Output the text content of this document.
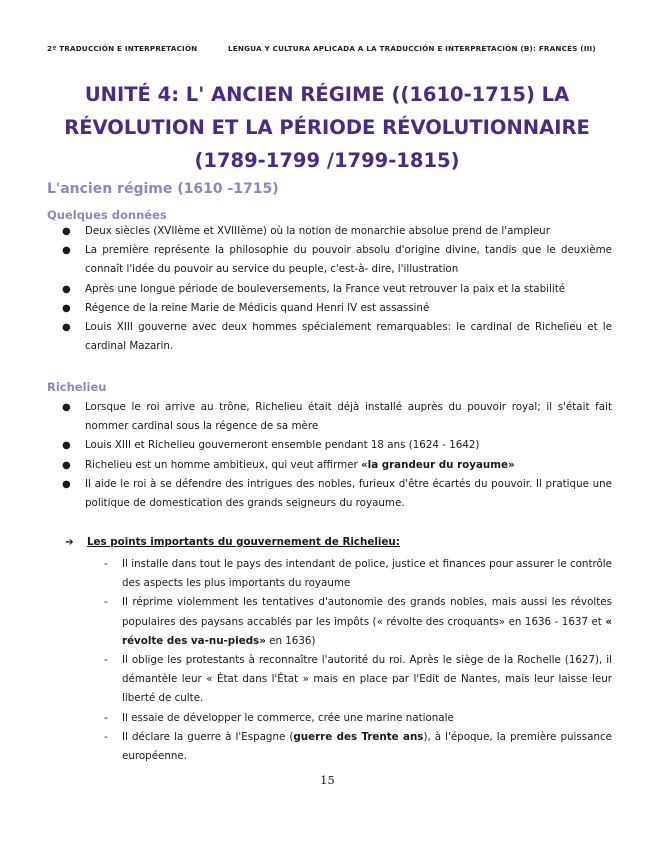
2º TRADUCCIÓN E INTERPRETACIÓN	LENGUA Y CULTURA APLICADA A LA TRADUCCIÓN E INTERPRETACIÓN (B): FRANCÉS (III)
UNITÉ 4: L' ANCIEN RÉGIME ((1610-1715) LA
RÉVOLUTION ET LA PÉRIODE RÉVOLUTIONNAIRE
(1789-1799 /1799-1815)
L'ancien régime (1610 -1715)
Quelques données
● Deux siècles (XVIIème et XVIIIème) où la notion de monarchie absolue prend de l'ampleur
● La première représente la philosophie du pouvoir absolu d'origine divine, tandis que le deuxième connaît l'idée du pouvoir au service du peuple, c'est-à- dire, l'illustration
● Après une longue période de bouleversements, la France veut retrouver la paix et la stabilité
● Régence de la reine Marie de Médicis quand Henri IV est assassiné
● Louis XIII gouverne avec deux hommes spécialement remarquables: le cardinal de Richelieu et le cardinal Mazarin.
Richelieu
● Lorsque le roi arrive au trône, Richelieu était déjà installé auprès du pouvoir royal; il s'était fait nommer cardinal sous la régence de sa mère
● Louis XIII et Richelieu gouverneront ensemble pendant 18 ans (1624 - 1642)
● Richelieu est un homme ambitieux, qui veut affirmer «la grandeur du royaume»
● Il aide le roi à se défendre des intrigues des nobles, furieux d'être écartés du pouvoir. Il pratique une politique de domestication des grands seigneurs du royaume.
➔ Les points importants du gouvernement de Richelieu:
- Il installe dans tout le pays des intendant de police, justice et finances pour assurer le contrôle des aspects les plus importants du royaume
- Il réprime violemment les tentatives d'autonomie des grands nobles, mais aussi les révoltes populaires des paysans accablés par les impôts (« révolte des croquants» en 1636 - 1637 et « révolte des va-nu-pieds» en 1636)
- Il oblige les protestants à reconnaître l'autorité du roi. Après le siège de la Rochelle (1627), il démantèle leur « État dans l'État » mais en place par l'Edit de Nantes, mais leur laisse leur liberté de culte.
- Il essaie de développer le commerce, crée une marine nationale
- Il déclare la guerre à l'Espagne (guerre des Trente ans), à l'époque, la première puissance européenne.
15
